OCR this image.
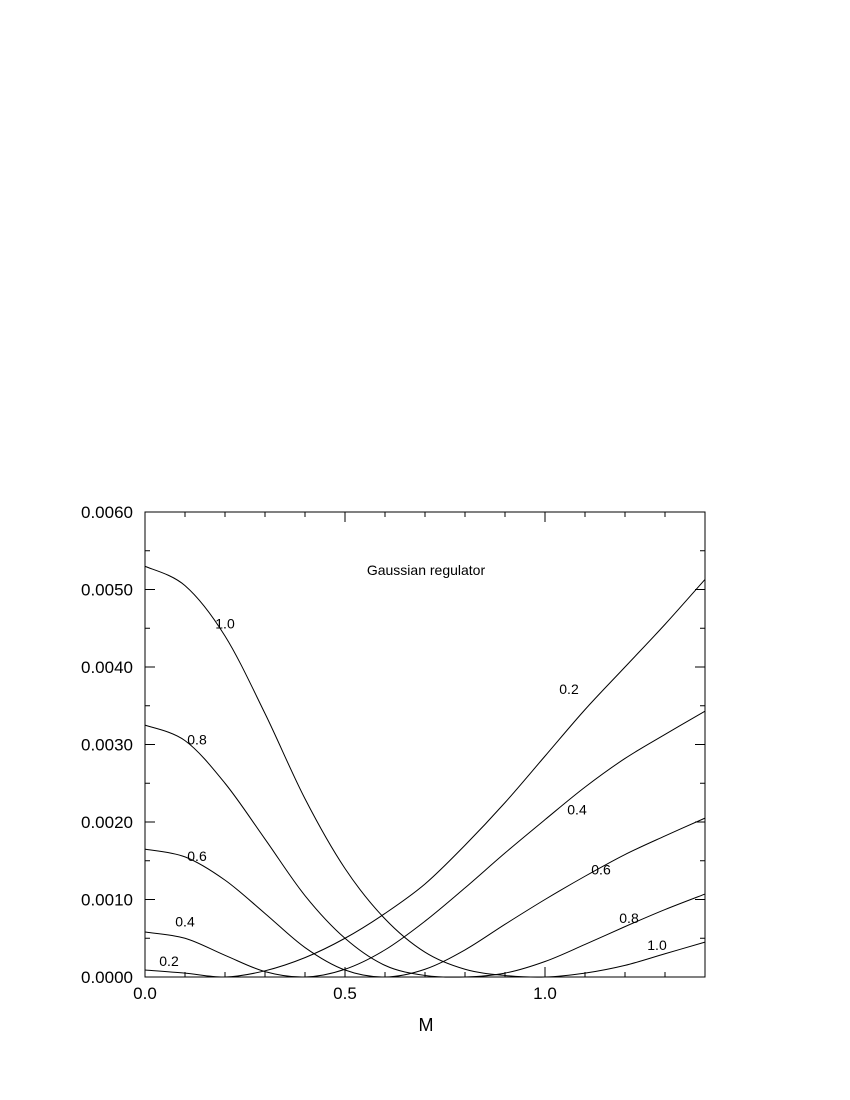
0.0	0.5	1.0
0.0000
0.0010
0.0020
0.0030
0.0040
0.0050
0.0060
0.2
0.2
0.4
0.4
0.6
0.6
0.8
0.8
1.0
1.0
Gaussian regulator
M
